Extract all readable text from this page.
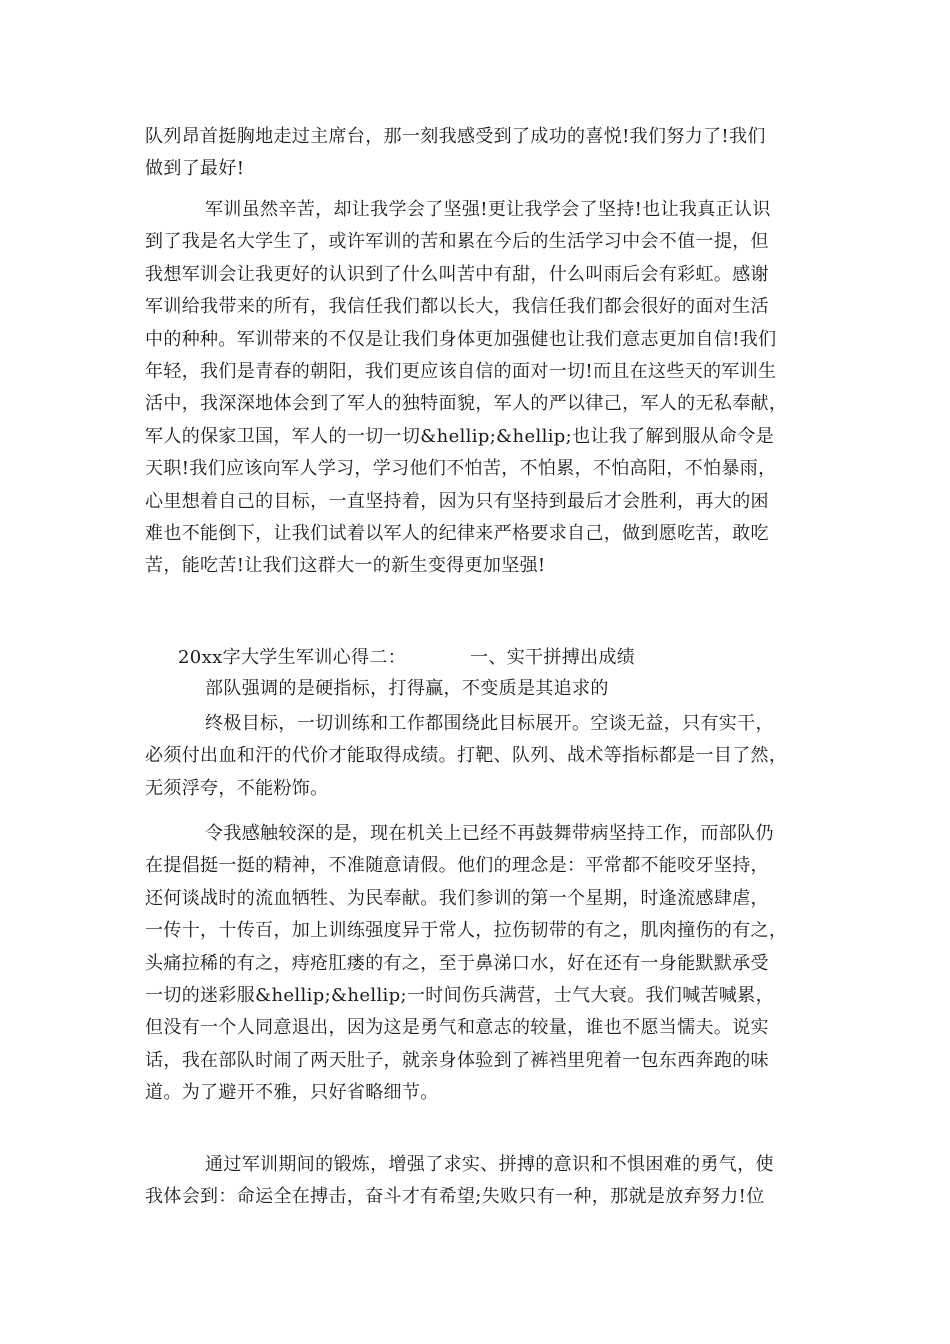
队列昂首挺胸地走过主席台，那一刻我感受到了成功的喜悦!我们努力了!我们
做到了最好!
军训虽然辛苦，却让我学会了坚强!更让我学会了坚持!也让我真正认识
到了我是名大学生了，或许军训的苦和累在今后的生活学习中会不值一提，但
我想军训会让我更好的认识到了什么叫苦中有甜，什么叫雨后会有彩虹。感谢
军训给我带来的所有，我信任我们都以长大，我信任我们都会很好的面对生活
中的种种。军训带来的不仅是让我们身体更加强健也让我们意志更加自信!我们
年轻，我们是青春的朝阳，我们更应该自信的面对一切!而且在这些天的军训生
活中，我深深地体会到了军人的独特面貌，军人的严以律己，军人的无私奉献，
军人的保家卫国，军人的一切一切&hellip;&hellip;也让我了解到服从命令是
天职!我们应该向军人学习，学习他们不怕苦，不怕累，不怕高阳，不怕暴雨，
心里想着自己的目标，一直坚持着，因为只有坚持到最后才会胜利，再大的困
难也不能倒下，让我们试着以军人的纪律来严格要求自己，做到愿吃苦，敢吃
苦，能吃苦!让我们这群大一的新生变得更加坚强!
20xx字大学生军训心得二：	一、实干拼搏出成绩
部队强调的是硬指标，打得赢，不变质是其追求的
终极目标，一切训练和工作都围绕此目标展开。空谈无益，只有实干，
必须付出血和汗的代价才能取得成绩。打靶、队列、战术等指标都是一目了然，
无须浮夸，不能粉饰。
令我感触较深的是，现在机关上已经不再鼓舞带病坚持工作，而部队仍
在提倡挺一挺的精神，不准随意请假。他们的理念是：平常都不能咬牙坚持，
还何谈战时的流血牺牲、为民奉献。我们参训的第一个星期，时逢流感肆虐，
一传十，十传百，加上训练强度异于常人，拉伤韧带的有之，肌肉撞伤的有之，
头痛拉稀的有之，痔疮肛瘘的有之，至于鼻涕口水，好在还有一身能默默承受
一切的迷彩服&hellip;&hellip;一时间伤兵满营，士气大衰。我们喊苦喊累，
但没有一个人同意退出，因为这是勇气和意志的较量，谁也不愿当懦夫。说实
话，我在部队时闹了两天肚子，就亲身体验到了裤裆里兜着一包东西奔跑的味
道。为了避开不雅，只好省略细节。
通过军训期间的锻炼，增强了求实、拼搏的意识和不惧困难的勇气，使
我体会到：命运全在搏击，奋斗才有希望;失败只有一种，那就是放弃努力!位
